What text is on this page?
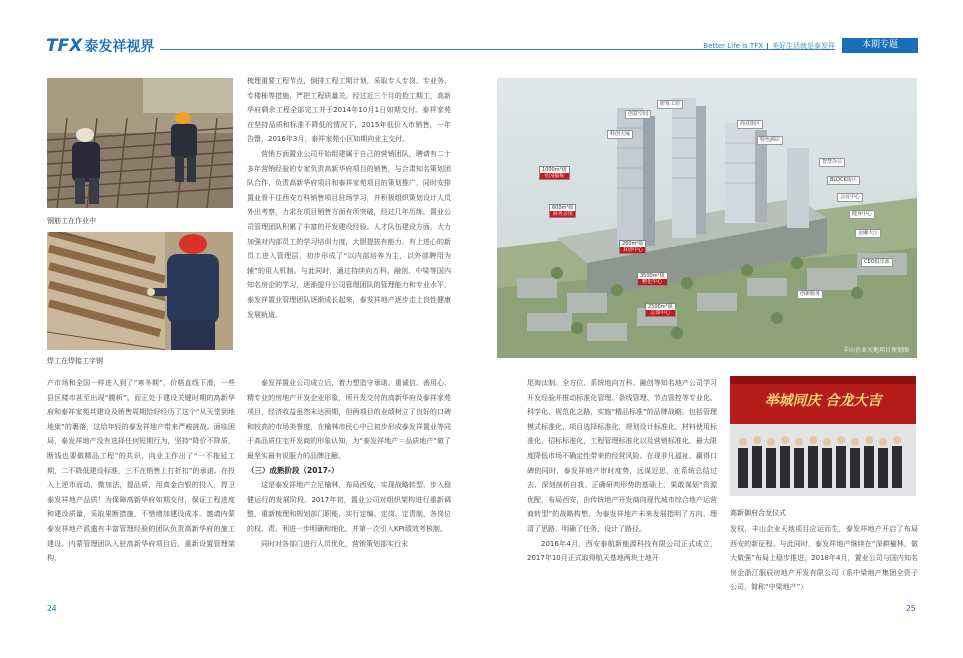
TFX 泰发祥视界	Better Life is TFX 美好生活就是泰发祥	本期专题
钢筋工在作业中
焊工在焊接工字钢

梳理重要工程节点，倒排工程工期计划，采取专人专岗、专业务、专楼栋等措施，严把工程质量关。经过近三个月的抢工期工，高新华府剩余工程全部完工并于2014年10月1日如期交付。泰祥家苑在坚持品质和标准不降低的情况下，2015年低价入市销售，一年告罄，2016年3月，泰祥家苑小区如期向业主交付。

营销方面置业公司开始组建属于自己的营销团队，聘请有二十多年营销经验的专家负责高新华府项目的销售，与合肃知名策划团队合作，负责高新华府项目和泰祥家苑项目的策划推广，同时安排置业骨干往西安万科销售项目驻场学习，并积极组织策划设计人员外出考察，力求在项目销售方面有所突破，经过几年历练，置业公司管理团队积累了丰富的开发建设经验。人才队伍建设方面，大力加强对内部员工的学习培训力度，大胆提拔有能力、有上进心的新员工进入管理层，初步形成了“以内部培养为主，以外部聘用为辅”的用人机制。与此同时，通过持续向万科、融创、中梁等国内知名房企的学习，逐渐提升公司管理团队的管理能力和专业水平，泰发祥置业管理团队逐渐成长起来，泰发祥地产逐步走上良性健康发展轨道。

产市场和全国一样进入到了“寒冬期”，价格直线下滑，一些县区楼市甚至出现“腰斩”。而正处于建设关键时期的高新华府和泰祥家苑其建设及销售周期恰好经历了这个“从天堂到地地狱”的裹落，这给年轻的泰发祥地产带来严峻挑战。面临困局，泰发祥地产没有选择任何短期行为，坚持“降价不降质，断钱也要做精品工程”的共识，向业主作出了“一不拖延工期，二不降低建设标准，三不在销售上打折扣”的承诺。在投入上逆市而动，微加法，提品质，用真金白银的投入，捍卫泰发祥地产品质！为保障高新华府如期交付，保证工程进度和建设质量，采取果断措施，不惜增加建设成本。邀请内蒙泰发祥地产派遣有丰富管理经验的团队负责高新华府的施工建设。内蒙管理团队入驻高新华府项目后，重新设置管理架构，

泰发祥置业公司成立后，着力塑造守承诺、重诚信、善用心、精专业的房地产开发企业形象，所开发交付的高新华府及泰祥家苑项目，经济收益虽然未达预期，但两项目的业绩树立了良好的口碑和较高的市场美誉度，在榆林市民心中已初步形成泰发祥置业等同于高品质住宅开发商的形象认知，为“泰发祥地产＝品质地产”做了最坚实最有说服力的品牌注解。

（三）成熟阶段（2017-）

这是泰发祥地产立足榆林，布局西安，实现战略转型，步入稳健运行的发展阶段。2017年初，置业公司对组织架构进行重新调整，重新梳理和规划部门职能，实行定编、定岗、定责制，各岗位的权、责、利进一步明确和细化，并第一次引入KPI绩效考核制。

同时对各部门进行人员优化，营销策划部实行末

24
研发工坊
创意空间
商业街区
科创大厦
特色酒店
智慧办公
BLOCK街区
会议中心
健身中心
金融大厅
CEO俱乐部
创新服务
1000m²级
花园独栋
600m²级
商务会馆
260m²级
双创中心
3500m²级
孵化中心
2500m²级
总部中心
丰山企业天地项目规划图

尾淘汰制。全方位、系统地向万科、融创等知名地产公司学习开发经验并推动标准化管理、条线管理、节点管控等专业化、科学化、规范化之路，实施“精品标准”的品牌战略。包括管理模式标准化，项目选择标准化，规划设计标准化，材料使用标准化，招标标准化，工程管理标准化以及营销标准化，最大限度降低市场不确定性带来的经营风险。在现非凡福祉、赢得口碑的同时，泰发祥地产审时度势，远谋近思，在系统总结过去、深刻剖析自我、正确研判形势的基础上，果敢谋划“资源优配，布局西安，由传统地产开发商向现代城市综合地产运营商转型”的战略构想，为泰发祥地产未来发展指明了方向、理清了思路、明确了任务、设计了路径。

2016年4月，西安泰航新能源科技有限公司正式成立，2017年10月正式取得航天基地两块土地开

举城同庆 合龙大吉
高新御府合龙仪式

发权，丰山企业天地项目应运而生，泰发祥地产开启了布局西安的新征程。与此同时，泰发祥地产继续在“深耕榆林，做大做强”布局上稳步推进，2018年4月，置业公司与国内知名房企浙江服辰房地产开发有限公司（系中梁地产集团全资子公司，简称“中梁地产”）

25
